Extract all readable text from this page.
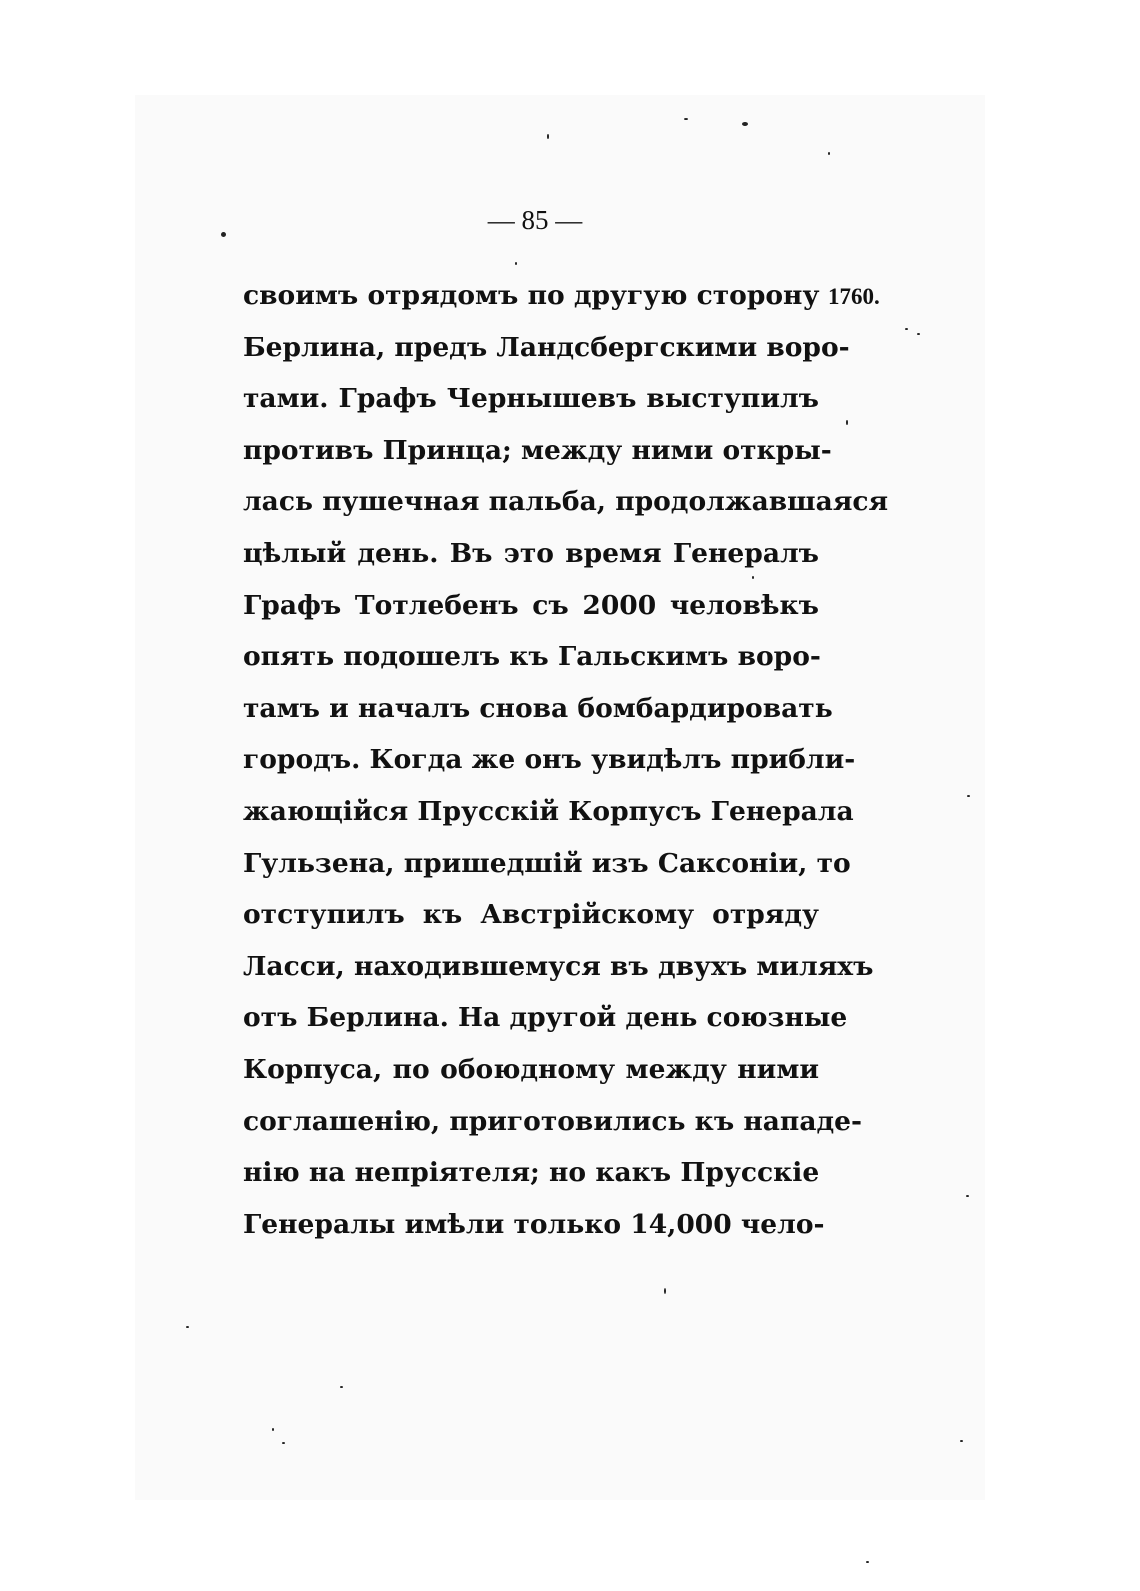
— 85 —
1760.
своимъ отрядомъ по другую сторону
Берлина, предъ Ландсбергскими воро-
тами. Графъ Чернышевъ выступилъ
противъ Принца; между ними откры-
лась пушечная пальба, продолжавшаяся
цѣлый день. Въ это время Генералъ
Графъ Тотлебенъ съ 2000 человѣкъ
опять подошелъ къ Гальскимъ воро-
тамъ и началъ снова бомбардировать
городъ. Когда же онъ увидѣлъ прибли-
жающійся Прусскій Корпусъ Генерала
Гульзена, пришедшій изъ Саксоніи, то
отступилъ къ Австрійскому отряду
Ласси, находившемуся въ двухъ миляхъ
отъ Берлина. На другой день союзные
Корпуса, по обоюдному между ними
соглашенію, приготовились къ нападе-
нію на непріятеля; но какъ Прусскіе
Генералы имѣли только 14,000 чело-
